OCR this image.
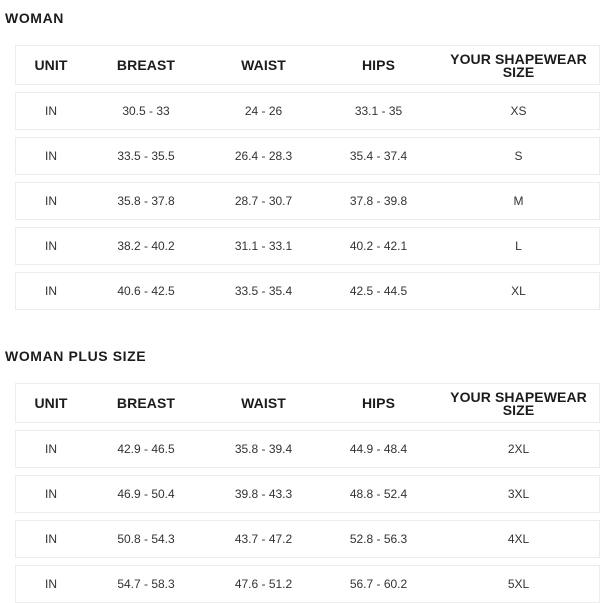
WOMAN
UNIT	BREAST	WAIST	HIPS	YOUR SHAPEWEAR SIZE
IN	30.5 - 33	24 - 26	33.1 - 35	XS
IN	33.5 - 35.5	26.4 - 28.3	35.4 - 37.4	S
IN	35.8 - 37.8	28.7 - 30.7	37.8 - 39.8	M
IN	38.2 - 40.2	31.1 - 33.1	40.2 - 42.1	L
IN	40.6 - 42.5	33.5 - 35.4	42.5 - 44.5	XL
WOMAN PLUS SIZE
UNIT	BREAST	WAIST	HIPS	YOUR SHAPEWEAR SIZE
IN	42.9 - 46.5	35.8 - 39.4	44.9 - 48.4	2XL
IN	46.9 - 50.4	39.8 - 43.3	48.8 - 52.4	3XL
IN	50.8 - 54.3	43.7 - 47.2	52.8 - 56.3	4XL
IN	54.7 - 58.3	47.6 - 51.2	56.7 - 60.2	5XL
